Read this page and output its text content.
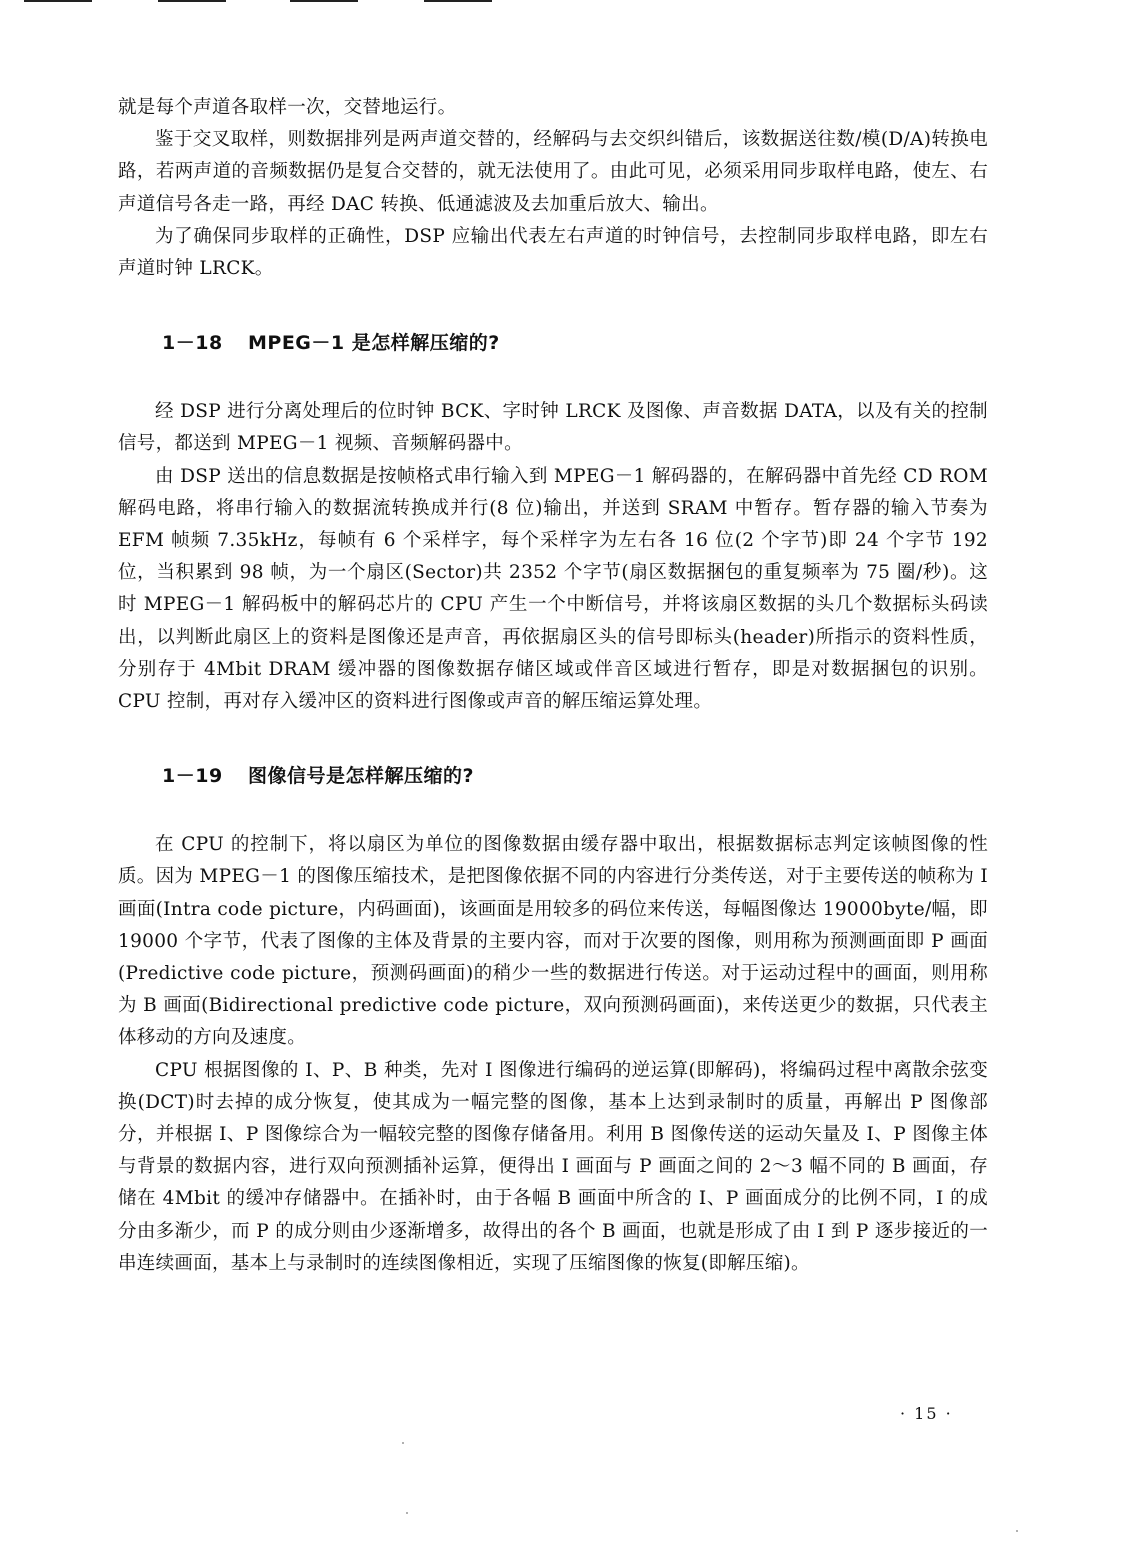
就是每个声道各取样一次，交替地运行。

鉴于交叉取样，则数据排列是两声道交替的，经解码与去交织纠错后，该数据送往数/模(D/A)转换电路，若两声道的音频数据仍是复合交替的，就无法使用了。由此可见，必须采用同步取样电路，使左、右声道信号各走一路，再经 DAC 转换、低通滤波及去加重后放大、输出。

为了确保同步取样的正确性，DSP 应输出代表左右声道的时钟信号，去控制同步取样电路，即左右声道时钟 LRCK。

1－18 MPEG－1 是怎样解压缩的?

经 DSP 进行分离处理后的位时钟 BCK、字时钟 LRCK 及图像、声音数据 DATA，以及有关的控制信号，都送到 MPEG－1 视频、音频解码器中。

由 DSP 送出的信息数据是按帧格式串行输入到 MPEG－1 解码器的，在解码器中首先经 CD ROM 解码电路，将串行输入的数据流转换成并行(8 位)输出，并送到 SRAM 中暂存。暂存器的输入节奏为 EFM 帧频 7.35kHz，每帧有 6 个采样字，每个采样字为左右各 16 位(2 个字节)即 24 个字节 192 位，当积累到 98 帧，为一个扇区(Sector)共 2352 个字节(扇区数据捆包的重复频率为 75 圈/秒)。这时 MPEG－1 解码板中的解码芯片的 CPU 产生一个中断信号，并将该扇区数据的头几个数据标头码读出，以判断此扇区上的资料是图像还是声音，再依据扇区头的信号即标头(header)所指示的资料性质，分别存于 4Mbit DRAM 缓冲器的图像数据存储区域或伴音区域进行暂存，即是对数据捆包的识别。CPU 控制，再对存入缓冲区的资料进行图像或声音的解压缩运算处理。

1－19 图像信号是怎样解压缩的?

在 CPU 的控制下，将以扇区为单位的图像数据由缓存器中取出，根据数据标志判定该帧图像的性质。因为 MPEG－1 的图像压缩技术，是把图像依据不同的内容进行分类传送，对于主要传送的帧称为 I 画面(Intra code picture，内码画面)，该画面是用较多的码位来传送，每幅图像达 19000byte/幅，即 19000 个字节，代表了图像的主体及背景的主要内容，而对于次要的图像，则用称为预测画面即 P 画面(Predictive code picture，预测码画面)的稍少一些的数据进行传送。对于运动过程中的画面，则用称为 B 画面(Bidirectional predictive code picture，双向预测码画面)，来传送更少的数据，只代表主体移动的方向及速度。

CPU 根据图像的 I、P、B 种类，先对 I 图像进行编码的逆运算(即解码)，将编码过程中离散余弦变换(DCT)时去掉的成分恢复，使其成为一幅完整的图像，基本上达到录制时的质量，再解出 P 图像部分，并根据 I、P 图像综合为一幅较完整的图像存储备用。利用 B 图像传送的运动矢量及 I、P 图像主体与背景的数据内容，进行双向预测插补运算，便得出 I 画面与 P 画面之间的 2～3 幅不同的 B 画面，存储在 4Mbit 的缓冲存储器中。在插补时，由于各幅 B 画面中所含的 I、P 画面成分的比例不同，I 的成分由多渐少，而 P 的成分则由少逐渐增多，故得出的各个 B 画面，也就是形成了由 I 到 P 逐步接近的一串连续画面，基本上与录制时的连续图像相近，实现了压缩图像的恢复(即解压缩)。

· 15 ·
